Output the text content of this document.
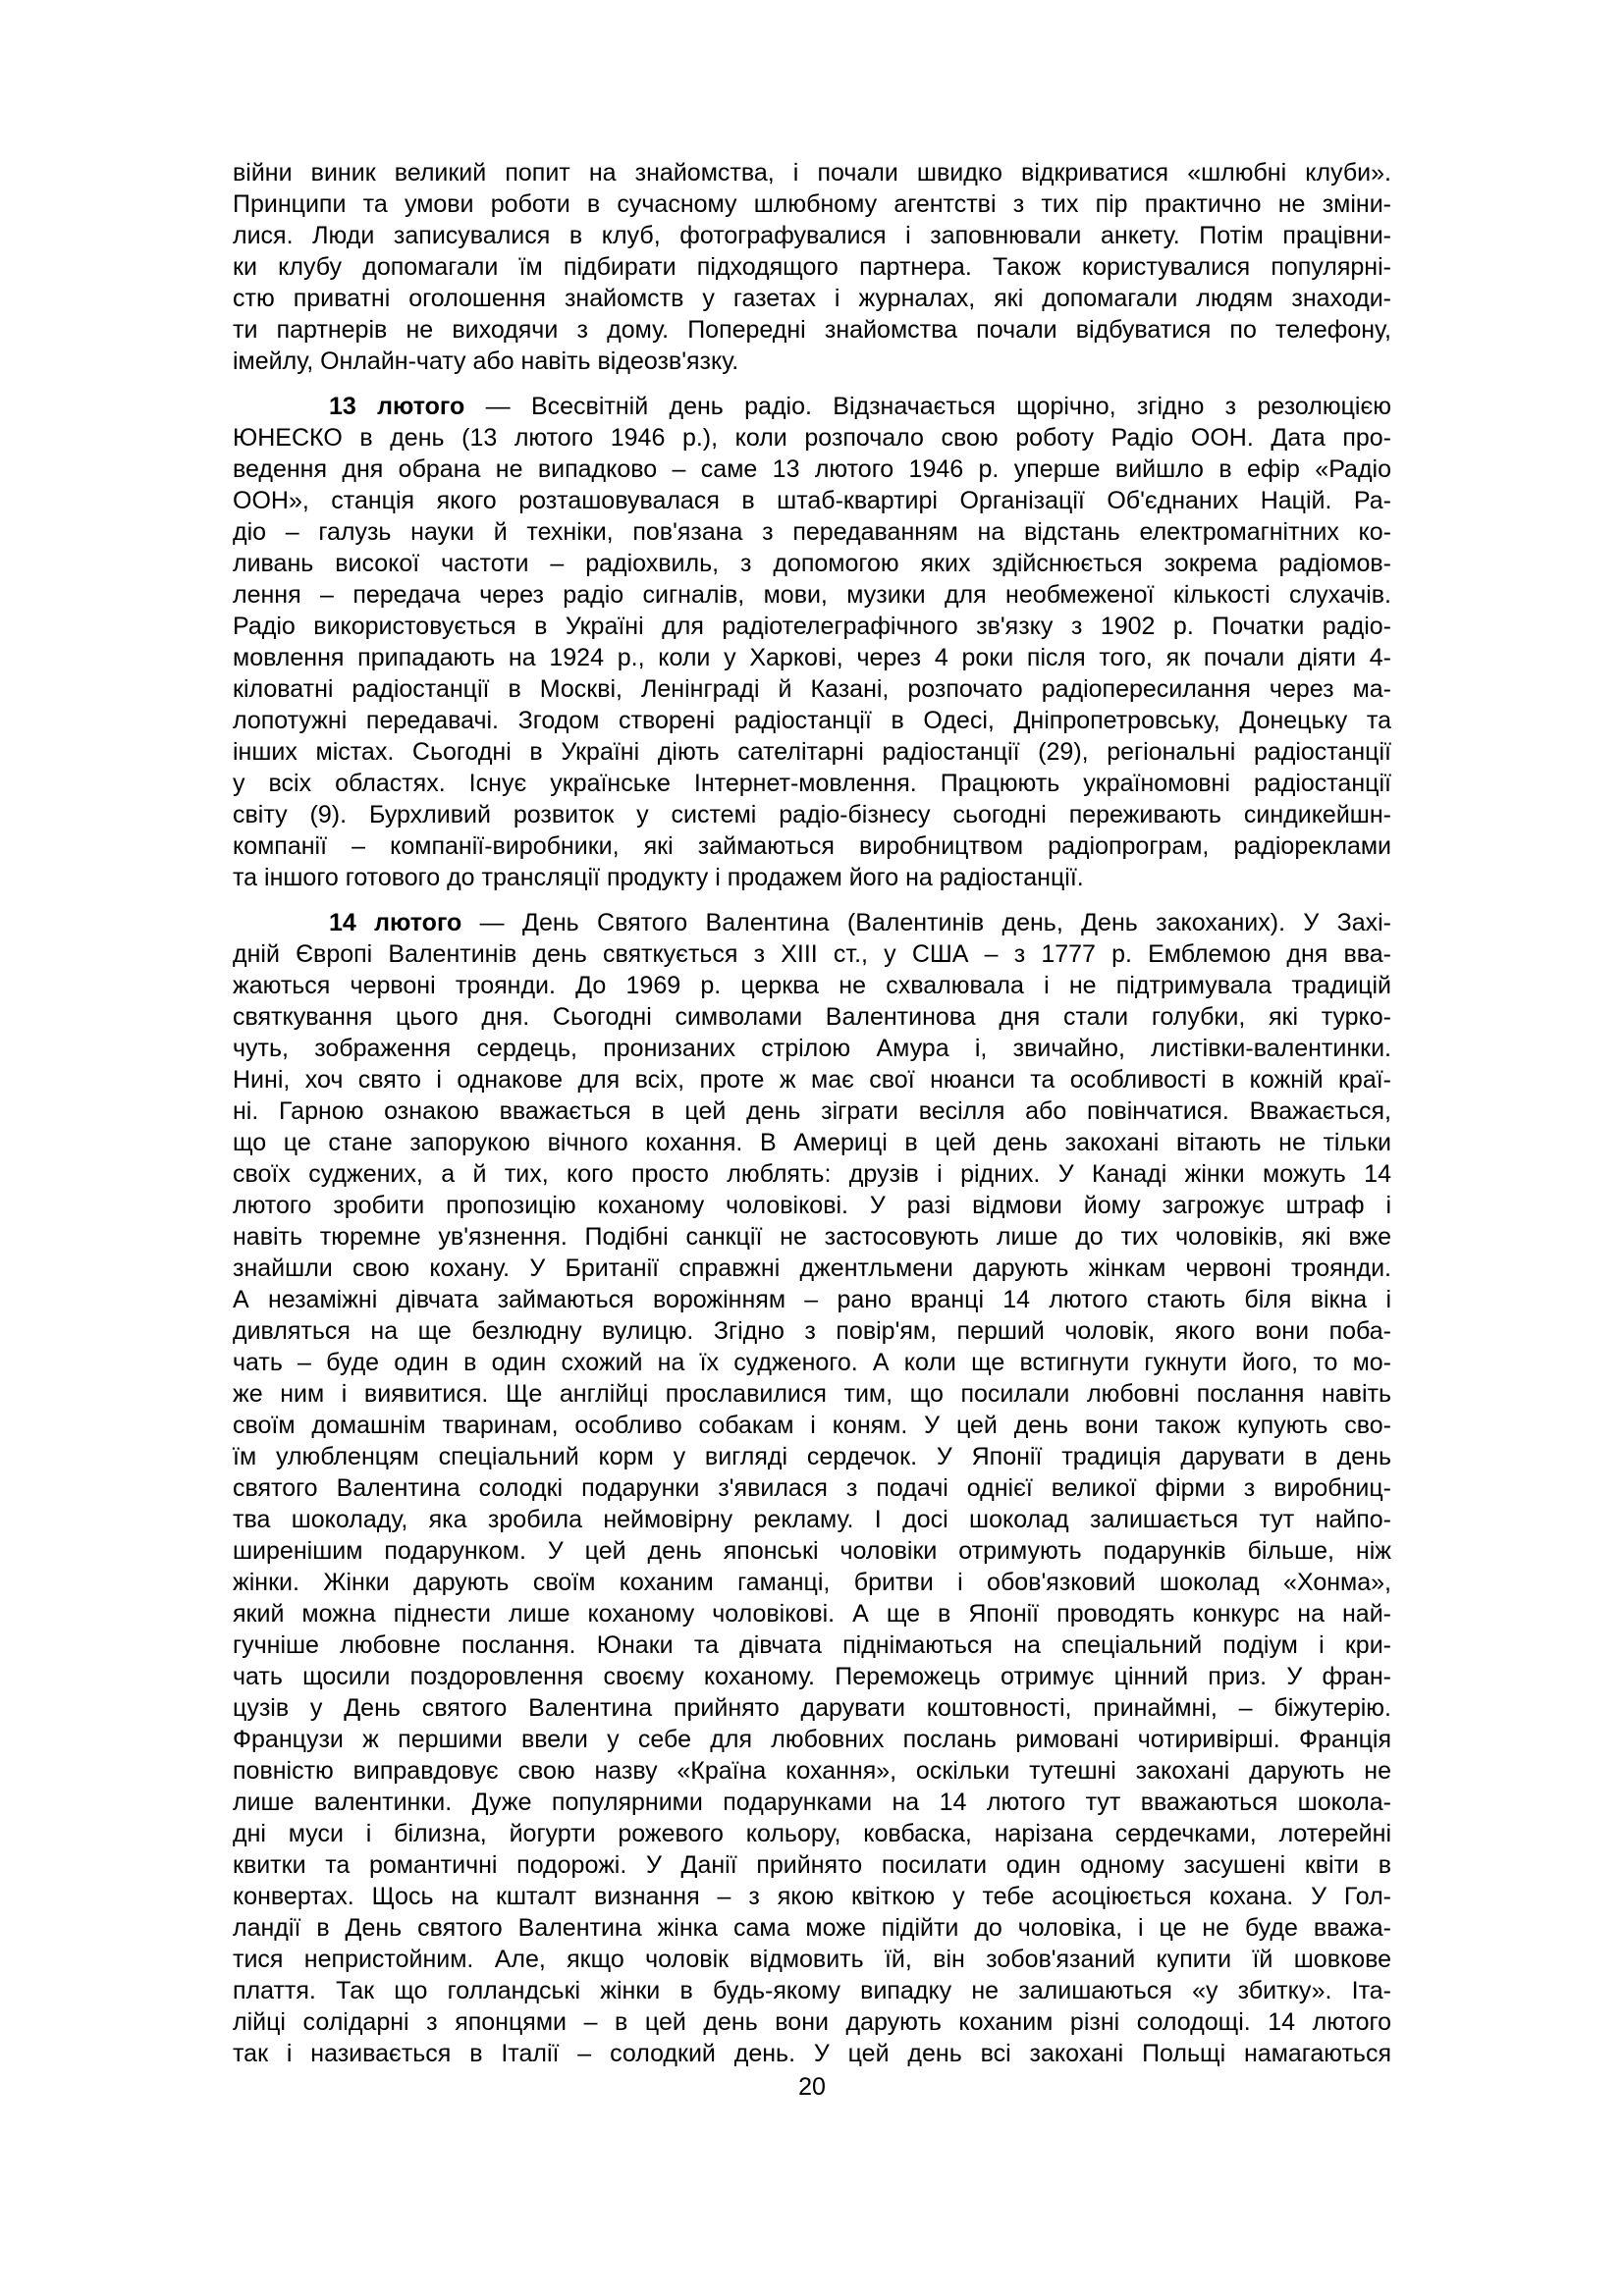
війни виник великий попит на знайомства, і почали швидко відкриватися «шлюбні клуби».
Принципи та умови роботи в сучасному шлюбному агентстві з тих пір практично не зміни-
лися. Люди записувалися в клуб, фотографувалися і заповнювали анкету. Потім працівни-
ки клубу допомагали їм підбирати підходящого партнера. Також користувалися популярні-
стю приватні оголошення знайомств у газетах і журналах, які допомагали людям знаходи-
ти партнерів не виходячи з дому. Попередні знайомства почали відбуватися по телефону,
імейлу, Онлайн-чату або навіть відеозв'язку.
13 лютого — Всесвітній день радіо. Відзначається щорічно, згідно з резолюцією
ЮНЕСКО в день (13 лютого 1946 р.), коли розпочало свою роботу Радіо ООН. Дата про-
ведення дня обрана не випадково – саме 13 лютого 1946 р. уперше вийшло в ефір «Радіо
ООН», станція якого розташовувалася в штаб-квартирі Організації Об'єднаних Націй. Ра-
діо – галузь науки й техніки, пов'язана з передаванням на відстань електромагнітних ко-
ливань високої частоти – радіохвиль, з допомогою яких здійснюється зокрема радіомов-
лення – передача через радіо сигналів, мови, музики для необмеженої кількості слухачів.
Радіо використовується в Україні для радіотелеграфічного зв'язку з 1902 р. Початки радіо-
мовлення припадають на 1924 р., коли у Харкові, через 4 роки після того, як почали діяти 4-
кіловатні радіостанції в Москві, Ленінграді й Казані, розпочато радіопересилання через ма-
лопотужні передавачі. Згодом створені радіостанції в Одесі, Дніпропетровську, Донецьку та
інших містах. Сьогодні в Україні діють сателітарні радіостанції (29), регіональні радіостанції
у всіх областях. Існує українське Інтернет-мовлення. Працюють україномовні радіостанції
світу (9). Бурхливий розвиток у системі радіо-бізнесу сьогодні переживають синдикейшн-
компанії – компанії-виробники, які займаються виробництвом радіопрограм, радіореклами
та іншого готового до трансляції продукту і продажем його на радіостанції.
14 лютого — День Святого Валентина (Валентинів день, День закоханих). У Захі-
дній Європі Валентинів день святкується з XIII ст., у США – з 1777 р. Емблемою дня вва-
жаються червоні троянди. До 1969 р. церква не схвалювала і не підтримувала традицій
святкування цього дня. Сьогодні символами Валентинова дня стали голубки, які турко-
чуть, зображення сердець, пронизаних стрілою Амура і, звичайно, листівки-валентинки.
Нині, хоч свято і однакове для всіх, проте ж має свої нюанси та особливості в кожній краї-
ні. Гарною ознакою вважається в цей день зіграти весілля або повінчатися. Вважається,
що це стане запорукою вічного кохання. В Америці в цей день закохані вітають не тільки
своїх суджених, а й тих, кого просто люблять: друзів і рідних. У Канаді жінки можуть 14
лютого зробити пропозицію коханому чоловікові. У разі відмови йому загрожує штраф і
навіть тюремне ув'язнення. Подібні санкції не застосовують лише до тих чоловіків, які вже
знайшли свою кохану. У Британії справжні джентльмени дарують жінкам червоні троянди.
А незаміжні дівчата займаються ворожінням – рано вранці 14 лютого стають біля вікна і
дивляться на ще безлюдну вулицю. Згідно з повір'ям, перший чоловік, якого вони поба-
чать – буде один в один схожий на їх судженого. А коли ще встигнути гукнути його, то мо-
же ним і виявитися. Ще англійці прославилися тим, що посилали любовні послання навіть
своїм домашнім тваринам, особливо собакам і коням. У цей день вони також купують сво-
їм улюбленцям спеціальний корм у вигляді сердечок. У Японії традиція дарувати в день
святого Валентина солодкі подарунки з'явилася з подачі однієї великої фірми з виробниц-
тва шоколаду, яка зробила неймовірну рекламу. І досі шоколад залишається тут найпо-
ширенішим подарунком. У цей день японські чоловіки отримують подарунків більше, ніж
жінки. Жінки дарують своїм коханим гаманці, бритви і обов'язковий шоколад «Хонма»,
який можна піднести лише коханому чоловікові. А ще в Японії проводять конкурс на най-
гучніше любовне послання. Юнаки та дівчата піднімаються на спеціальний подіум і кри-
чать щосили поздоровлення своєму коханому. Переможець отримує цінний приз. У фран-
цузів у День святого Валентина прийнято дарувати коштовності, принаймні, – біжутерію.
Французи ж першими ввели у себе для любовних послань римовані чотиривірші. Франція
повністю виправдовує свою назву «Країна кохання», оскільки тутешні закохані дарують не
лише валентинки. Дуже популярними подарунками на 14 лютого тут вважаються шокола-
дні муси і білизна, йогурти рожевого кольору, ковбаска, нарізана сердечками, лотерейні
квитки та романтичні подорожі. У Данії прийнято посилати один одному засушені квіти в
конвертах. Щось на кшталт визнання – з якою квіткою у тебе асоціюється кохана. У Гол-
ландії в День святого Валентина жінка сама може підійти до чоловіка, і це не буде вважа-
тися непристойним. Але, якщо чоловік відмовить їй, він зобов'язаний купити їй шовкове
плаття. Так що голландські жінки в будь-якому випадку не залишаються «у збитку». Іта-
лійці солідарні з японцями – в цей день вони дарують коханим різні солодощі. 14 лютого
так і називається в Італії – солодкий день. У цей день всі закохані Польщі намагаються
20
